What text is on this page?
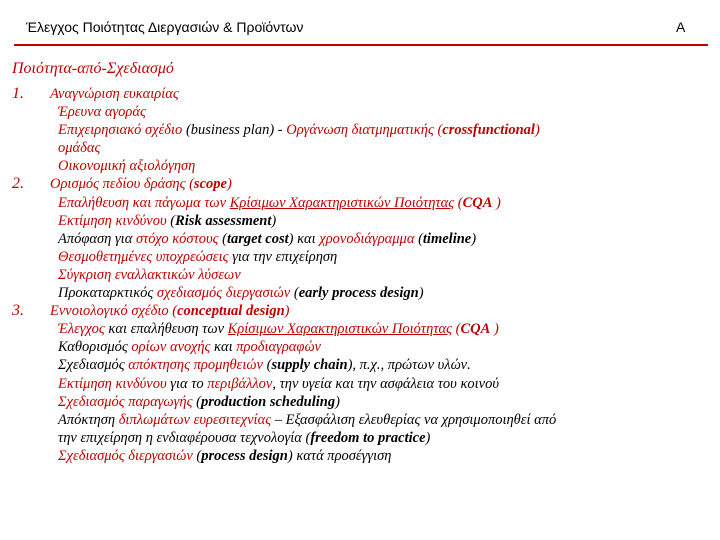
Έλεγχος Ποιότητας Διεργασιών & Προϊόντων	Α
Ποιότητα-από-Σχεδιασμό
1. Αναγνώριση ευκαιρίας
Έρευνα αγοράς
Επιχειρησιακό σχέδιο (business plan) - Οργάνωση διατμηματικής (crossfunctional)
ομάδας
Οικονομική αξιολόγηση
2. Ορισμός πεδίου δράσης (scope)
Επαλήθευση και πάγωμα των Κρίσιμων Χαρακτηριστικών Ποιότητας (CQA )
Εκτίμηση κινδύνου (Risk assessment)
Απόφαση για στόχο κόστους (target cost) και χρονοδιάγραμμα (timeline)
Θεσμοθετημένες υποχρεώσεις για την επιχείρηση
Σύγκριση εναλλακτικών λύσεων
Προκαταρκτικός σχεδιασμός διεργασιών (early process design)
3. Εννοιολογικό σχέδιο (conceptual design)
Έλεγχος και επαλήθευση των Κρίσιμων Χαρακτηριστικών Ποιότητας (CQA )
Καθορισμός ορίων ανοχής και προδιαγραφών
Σχεδιασμός απόκτησης προμηθειών (supply chain), π.χ., πρώτων υλών.
Εκτίμηση κινδύνου για το περιβάλλον, την υγεία και την ασφάλεια του κοινού
Σχεδιασμός παραγωγής (production scheduling)
Απόκτηση διπλωμάτων ευρεσιτεχνίας – Εξασφάλιση ελευθερίας να χρησιμοποιηθεί από
την επιχείρηση η ενδιαφέρουσα τεχνολογία (freedom to practice)
Σχεδιασμός διεργασιών (process design) κατά προσέγγιση
